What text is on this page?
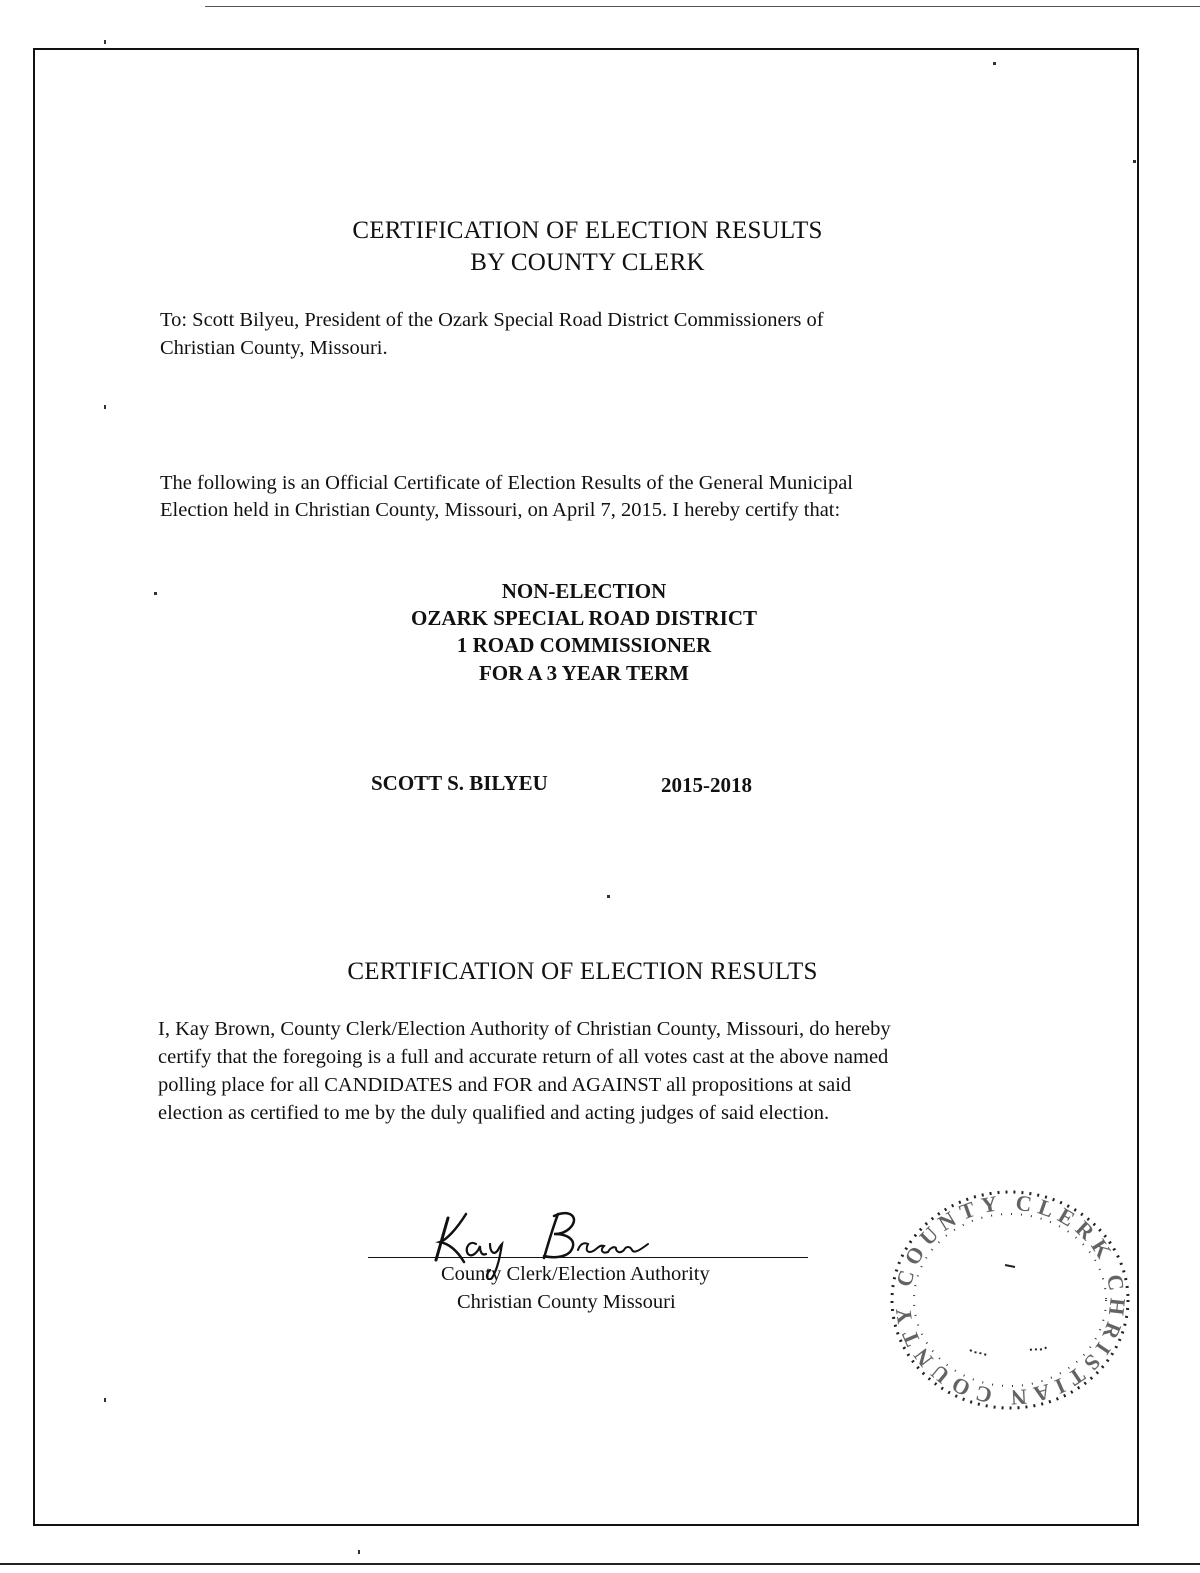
CERTIFICATION OF ELECTION RESULTS
BY COUNTY CLERK
To: Scott Bilyeu, President of the Ozark Special Road District Commissioners of
Christian County, Missouri.
The following is an Official Certificate of Election Results of the General Municipal
Election held in Christian County, Missouri, on April 7, 2015. I hereby certify that:
NON-ELECTION
OZARK SPECIAL ROAD DISTRICT
1 ROAD COMMISSIONER
FOR A 3 YEAR TERM
SCOTT S. BILYEU	2015-2018
CERTIFICATION OF ELECTION RESULTS
I, Kay Brown, County Clerk/Election Authority of Christian County, Missouri, do hereby
certify that the foregoing is a full and accurate return of all votes cast at the above named
polling place for all CANDIDATES and FOR and AGAINST all propositions at said
election as certified to me by the duly qualified and acting judges of said election.
County Clerk/Election Authority
Christian County Missouri
COUNTY CLERK CHRISTIAN COUNTY
